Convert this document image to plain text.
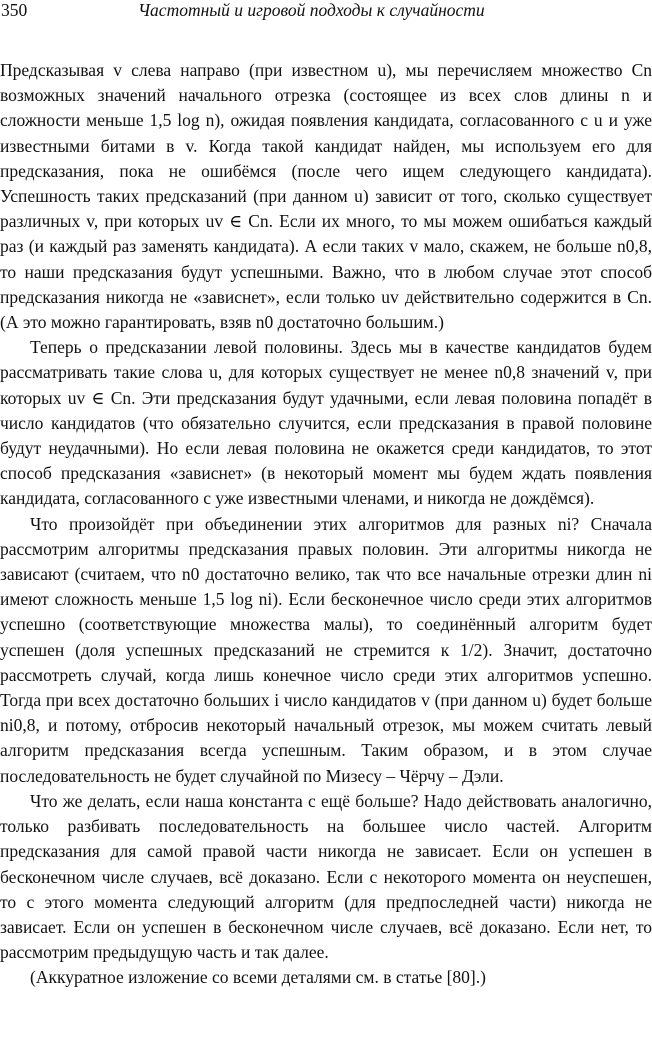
350	Частотный и игровой подходы к случайности

Предсказывая v слева направо (при известном u), мы перечисляем множество Cn возможных значений начального отрезка (состоящее из всех слов длины n и сложности меньше 1,5 log n), ожидая появления кандидата, согласованного с u и уже известными битами в v. Когда такой кандидат найден, мы используем его для предсказания, пока не ошибёмся (после чего ищем следующего кандидата). Успешность таких предсказаний (при данном u) зависит от того, сколько существует различных v, при которых uv ∈ Cn. Если их много, то мы можем ошибаться каждый раз (и каждый раз заменять кандидата). А если таких v мало, скажем, не больше n0,8, то наши предсказания будут успешными. Важно, что в любом случае этот способ предсказания никогда не «зависнет», если только uv действительно содержится в Cn. (А это можно гарантировать, взяв n0 достаточно большим.)

Теперь о предсказании левой половины. Здесь мы в качестве кандидатов будем рассматривать такие слова u, для которых существует не менее n0,8 значений v, при которых uv ∈ Cn. Эти предсказания будут удачными, если левая половина попадёт в число кандидатов (что обязательно случится, если предсказания в правой половине будут неудачными). Но если левая половина не окажется среди кандидатов, то этот способ предсказания «зависнет» (в некоторый момент мы будем ждать появления кандидата, согласованного с уже известными членами, и никогда не дождёмся).

Что произойдёт при объединении этих алгоритмов для разных ni? Сначала рассмотрим алгоритмы предсказания правых половин. Эти алгоритмы никогда не зависают (считаем, что n0 достаточно велико, так что все начальные отрезки длин ni имеют сложность меньше 1,5 log ni). Если бесконечное число среди этих алгоритмов успешно (соответствующие множества малы), то соединённый алгоритм будет успешен (доля успешных предсказаний не стремится к 1/2). Значит, достаточно рассмотреть случай, когда лишь конечное число среди этих алгоритмов успешно. Тогда при всех достаточно больших i число кандидатов v (при данном u) будет больше ni0,8, и потому, отбросив некоторый начальный отрезок, мы можем считать левый алгоритм предсказания всегда успешным. Таким образом, и в этом случае последовательность не будет случайной по Мизесу – Чёрчу – Дэли.

Что же делать, если наша константа c ещё больше? Надо действовать аналогично, только разбивать последовательность на большее число частей. Алгоритм предсказания для самой правой части никогда не зависает. Если он успешен в бесконечном числе случаев, всё доказано. Если с некоторого момента он неуспешен, то с этого момента следующий алгоритм (для предпоследней части) никогда не зависает. Если он успешен в бесконечном числе случаев, всё доказано. Если нет, то рассмотрим предыдущую часть и так далее.

(Аккуратное изложение со всеми деталями см. в статье [80].)
